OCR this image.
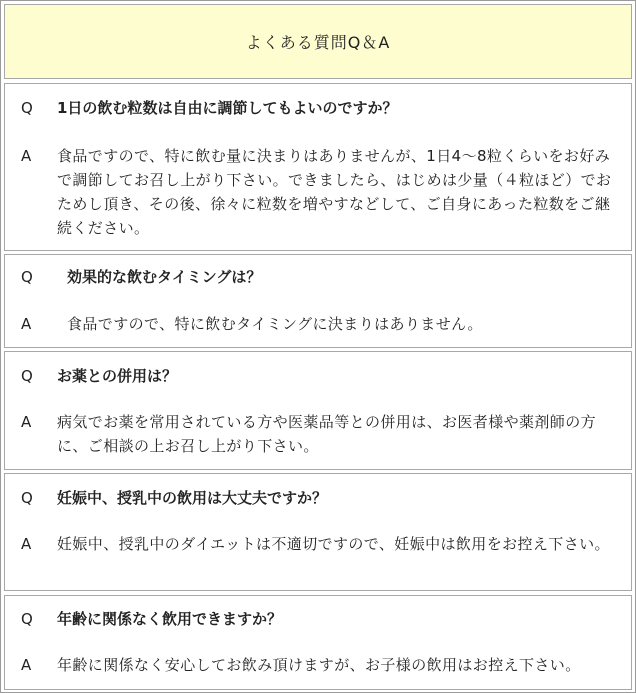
よくある質問Q＆A
Q 1日の飲む粒数は自由に調節してもよいのですか？
A 食品ですので、特に飲む量に決まりはありませんが、1日4〜8粒くらいをお好みで調節してお召し上がり下さい。できましたら、はじめは少量（４粒ほど）でおためし頂き、その後、徐々に粒数を増やすなどして、ご自身にあった粒数をご継続ください。
Q 効果的な飲むタイミングは？
A 食品ですので、特に飲むタイミングに決まりはありません。
Q お薬との併用は？
A 病気でお薬を常用されている方や医薬品等との併用は、お医者様や薬剤師の方に、ご相談の上お召し上がり下さい。
Q 妊娠中、授乳中の飲用は大丈夫ですか？
A 妊娠中、授乳中のダイエットは不適切ですので、妊娠中は飲用をお控え下さい。
Q 年齢に関係なく飲用できますか？
A 年齢に関係なく安心してお飲み頂けますが、お子様の飲用はお控え下さい。
